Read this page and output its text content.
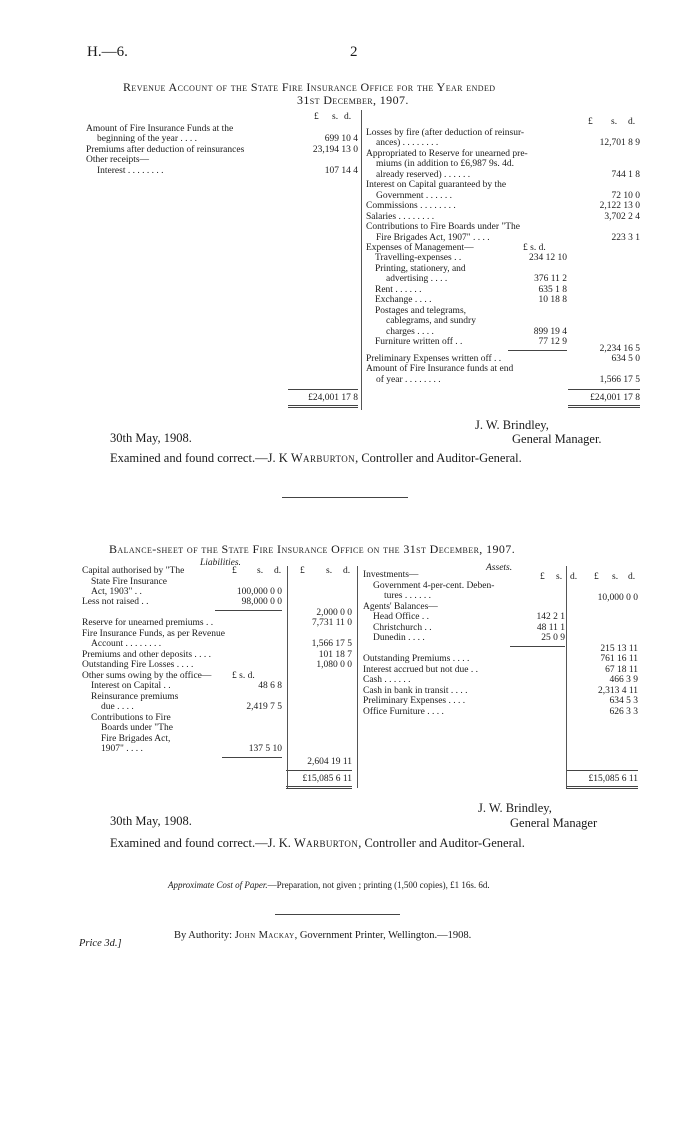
H.—6.	2
Revenue Account of the State Fire Insurance Office for the Year ended
31st December, 1907.
£ s. d.
Amount of Fire Insurance Funds at the
beginning of the year . . . .	699 10 4
Premiums after deduction of reinsurances	23,194 13 0
Other receipts—
Interest . . . . . . . .	107 14 4
£24,001 17 8
£ s. d.
Losses by fire (after deduction of reinsur-
ances) . . . . . . . .	12,701 8 9
Appropriated to Reserve for unearned pre-
miums (in addition to £6,987 9s. 4d.
already reserved) . . . . . .	744 1 8
Interest on Capital guaranteed by the
Government . . . . . .	72 10 0
Commissions . . . . . . . .	2,122 13 0
Salaries . . . . . . . .	3,702 2 4
Contributions to Fire Boards under "The
Fire Brigades Act, 1907" . . . .	223 3 1
Expenses of Management—	£ s. d.
Travelling-expenses . .	234 12 10
Printing, stationery, and
advertising . . . .	376 11 2
Rent . . . . . .	635 1 8
Exchange . . . .	10 18 8
Postages and telegrams,
cablegrams, and sundry
charges . . . .	899 19 4
Furniture written off . .	77 12 9
2,234 16 5
Preliminary Expenses written off . .	634 5 0
Amount of Fire Insurance funds at end
of year . . . . . . . .	1,566 17 5
£24,001 17 8
J. W. Brindley,
30th May, 1908.	General Manager.
Examined and found correct.—J. K Warburton, Controller and Auditor-General.
Balance-sheet of the State Fire Insurance Office on the 31st December, 1907.
Liabilities.	Assets.
£ s. d. £ s. d.
Capital authorised by "The
State Fire Insurance
Act, 1903" . .	100,000 0 0
Less not raised . .	98,000 0 0
2,000 0 0
Reserve for unearned premiums . .	7,731 11 0
Fire Insurance Funds, as per Revenue
Account . . . . . . . .	1,566 17 5
Premiums and other deposits . . . .	101 18 7
Outstanding Fire Losses . . . .	1,080 0 0
Other sums owing by the office— £ s. d.
Interest on Capital . .	48 6 8
Reinsurance premiums
due . . . .	2,419 7 5
Contributions to Fire
Boards under "The
Fire Brigades Act,
1907" . . . .	137 5 10
2,604 19 11
£15,085 6 11
£ s. d. £ s. d.
Investments—
Government 4-per-cent. Deben-
tures . . . . . .	10,000 0 0
Agents' Balances—
Head Office . .	142 2 1
Christchurch . .	48 11 1
Dunedin . . . .	25 0 9
215 13 11
Outstanding Premiums . . . .	761 16 11
Interest accrued but not due . .	67 18 11
Cash . . . . . .	466 3 9
Cash in bank in transit . . . .	2,313 4 11
Preliminary Expenses . . . .	634 5 3
Office Furniture . . . .	626 3 3
£15,085 6 11
J. W. Brindley,
30th May, 1908.	General Manager
Examined and found correct.—J. K. Warburton, Controller and Auditor-General.
Approximate Cost of Paper.—Preparation, not given ; printing (1,500 copies), £1 16s. 6d.
By Authority: John Mackay, Government Printer, Wellington.—1908.
Price 3d.]
